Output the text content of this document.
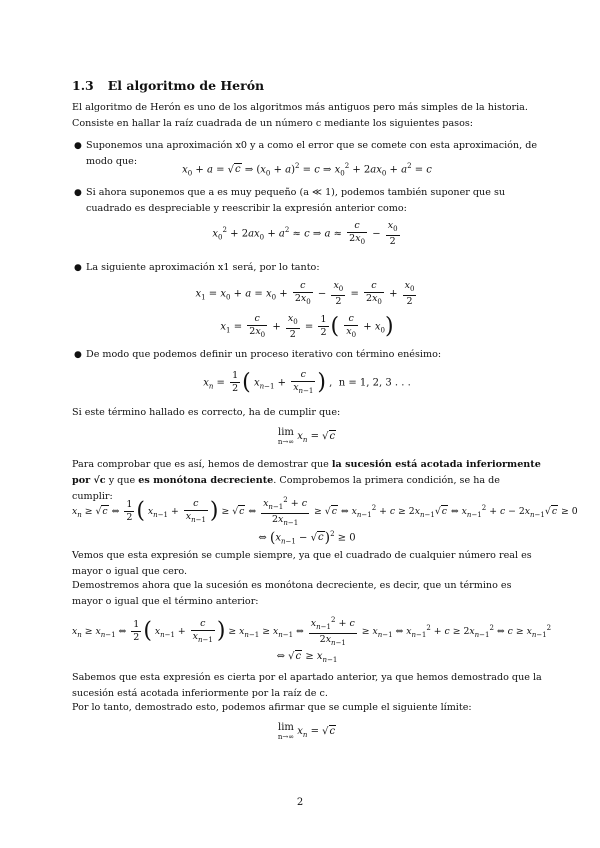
1.3 El algoritmo de Herón
El algoritmo de Herón es uno de los algoritmos más antiguos pero más simples de la historia. Consiste en hallar la raíz cuadrada de un número c mediante los siguientes pasos:
● Suponemos una aproximación x0 y a como el error que se comete con esta aproximación, de modo que:
$x_0 + a = √c$ ⇒ $(x_0 + a)^2 = c$ ⇒ $x_0^2 + 2ax_0 + a^2 = c$
● Si ahora suponemos que a es muy pequeño (a ≪ 1), podemos también suponer que su cuadrado es despreciable y reescribir la expresión anterior como:
$x_0^2 + 2ax_0 + a^2 \approx c$ ⇒ $a \approx \frac{c}{2x_0} - \frac{x_0}{2}$
● La siguiente aproximación x1 será, por lo tanto:
$x_1 = x_0 + a = x_0 + \frac{c}{2x_0} - \frac{x_0}{2} = \frac{c}{2x_0} + \frac{x_0}{2}$
$x_1 = \frac{c}{2x_0} + \frac{x_0}{2} = \frac{1}{2}$ ( $\frac{c}{x_0} + x_0$)
● De modo que podemos definir un proceso iterativo con término enésimo:
$x_n = \frac{1}{2}$ ( $x_{n-1} + \frac{c}{x_{n-1}}$ ) ,  n = 1, 2, 3 . . .
Si este término hallado es correcto, ha de cumplir que:
lim
n→∞ $x_n = √c$
Para comprobar que es así, hemos de demostrar que la sucesión está acotada inferiormente por √c y que es monótona decreciente. Comprobemos la primera condición, se ha de cumplir:
$x_n \ge √c$ ⇔ $\frac{1}{2}$ ( $x_{n-1} + \frac{c}{x_{n-1}}$ ) ≥ √c ⇔ $\frac{x_{n-1}^2 + c}{2x_{n-1}} \ge √c$ ⇔ $x_{n-1}^2 + c \ge 2x_{n-1}√c$ ⇔ $x_{n-1}^2 + c - 2x_{n-1}√c \ge 0$
⇔ $(x_{n-1} - √c)^2 \ge 0$
Vemos que esta expresión se cumple siempre, ya que el cuadrado de cualquier número real es mayor o igual que cero.
Demostremos ahora que la sucesión es monótona decreciente, es decir, que un término es mayor o igual que el término anterior:
$x_n \ge x_{n-1}$ ⇔ $\frac{1}{2}$ ( $x_{n-1} + \frac{c}{x_{n-1}}$ ) ≥ $x_{n-1} \ge x_{n-1}$ ⇔ $\frac{x_{n-1}^2 + c}{2x_{n-1}} \ge x_{n-1}$ ⇔ $x_{n-1}^2 + c \ge 2x_{n-1}^2$ ⇔ $c \ge x_{n-1}^2$
⇔ $√c \ge x_{n-1}$
Sabemos que esta expresión es cierta por el apartado anterior, ya que hemos demostrado que la sucesión está acotada inferiormente por la raíz de c.
Por lo tanto, demostrado esto, podemos afirmar que se cumple el siguiente límite:
lim
n→∞ $x_n = √c$
2
